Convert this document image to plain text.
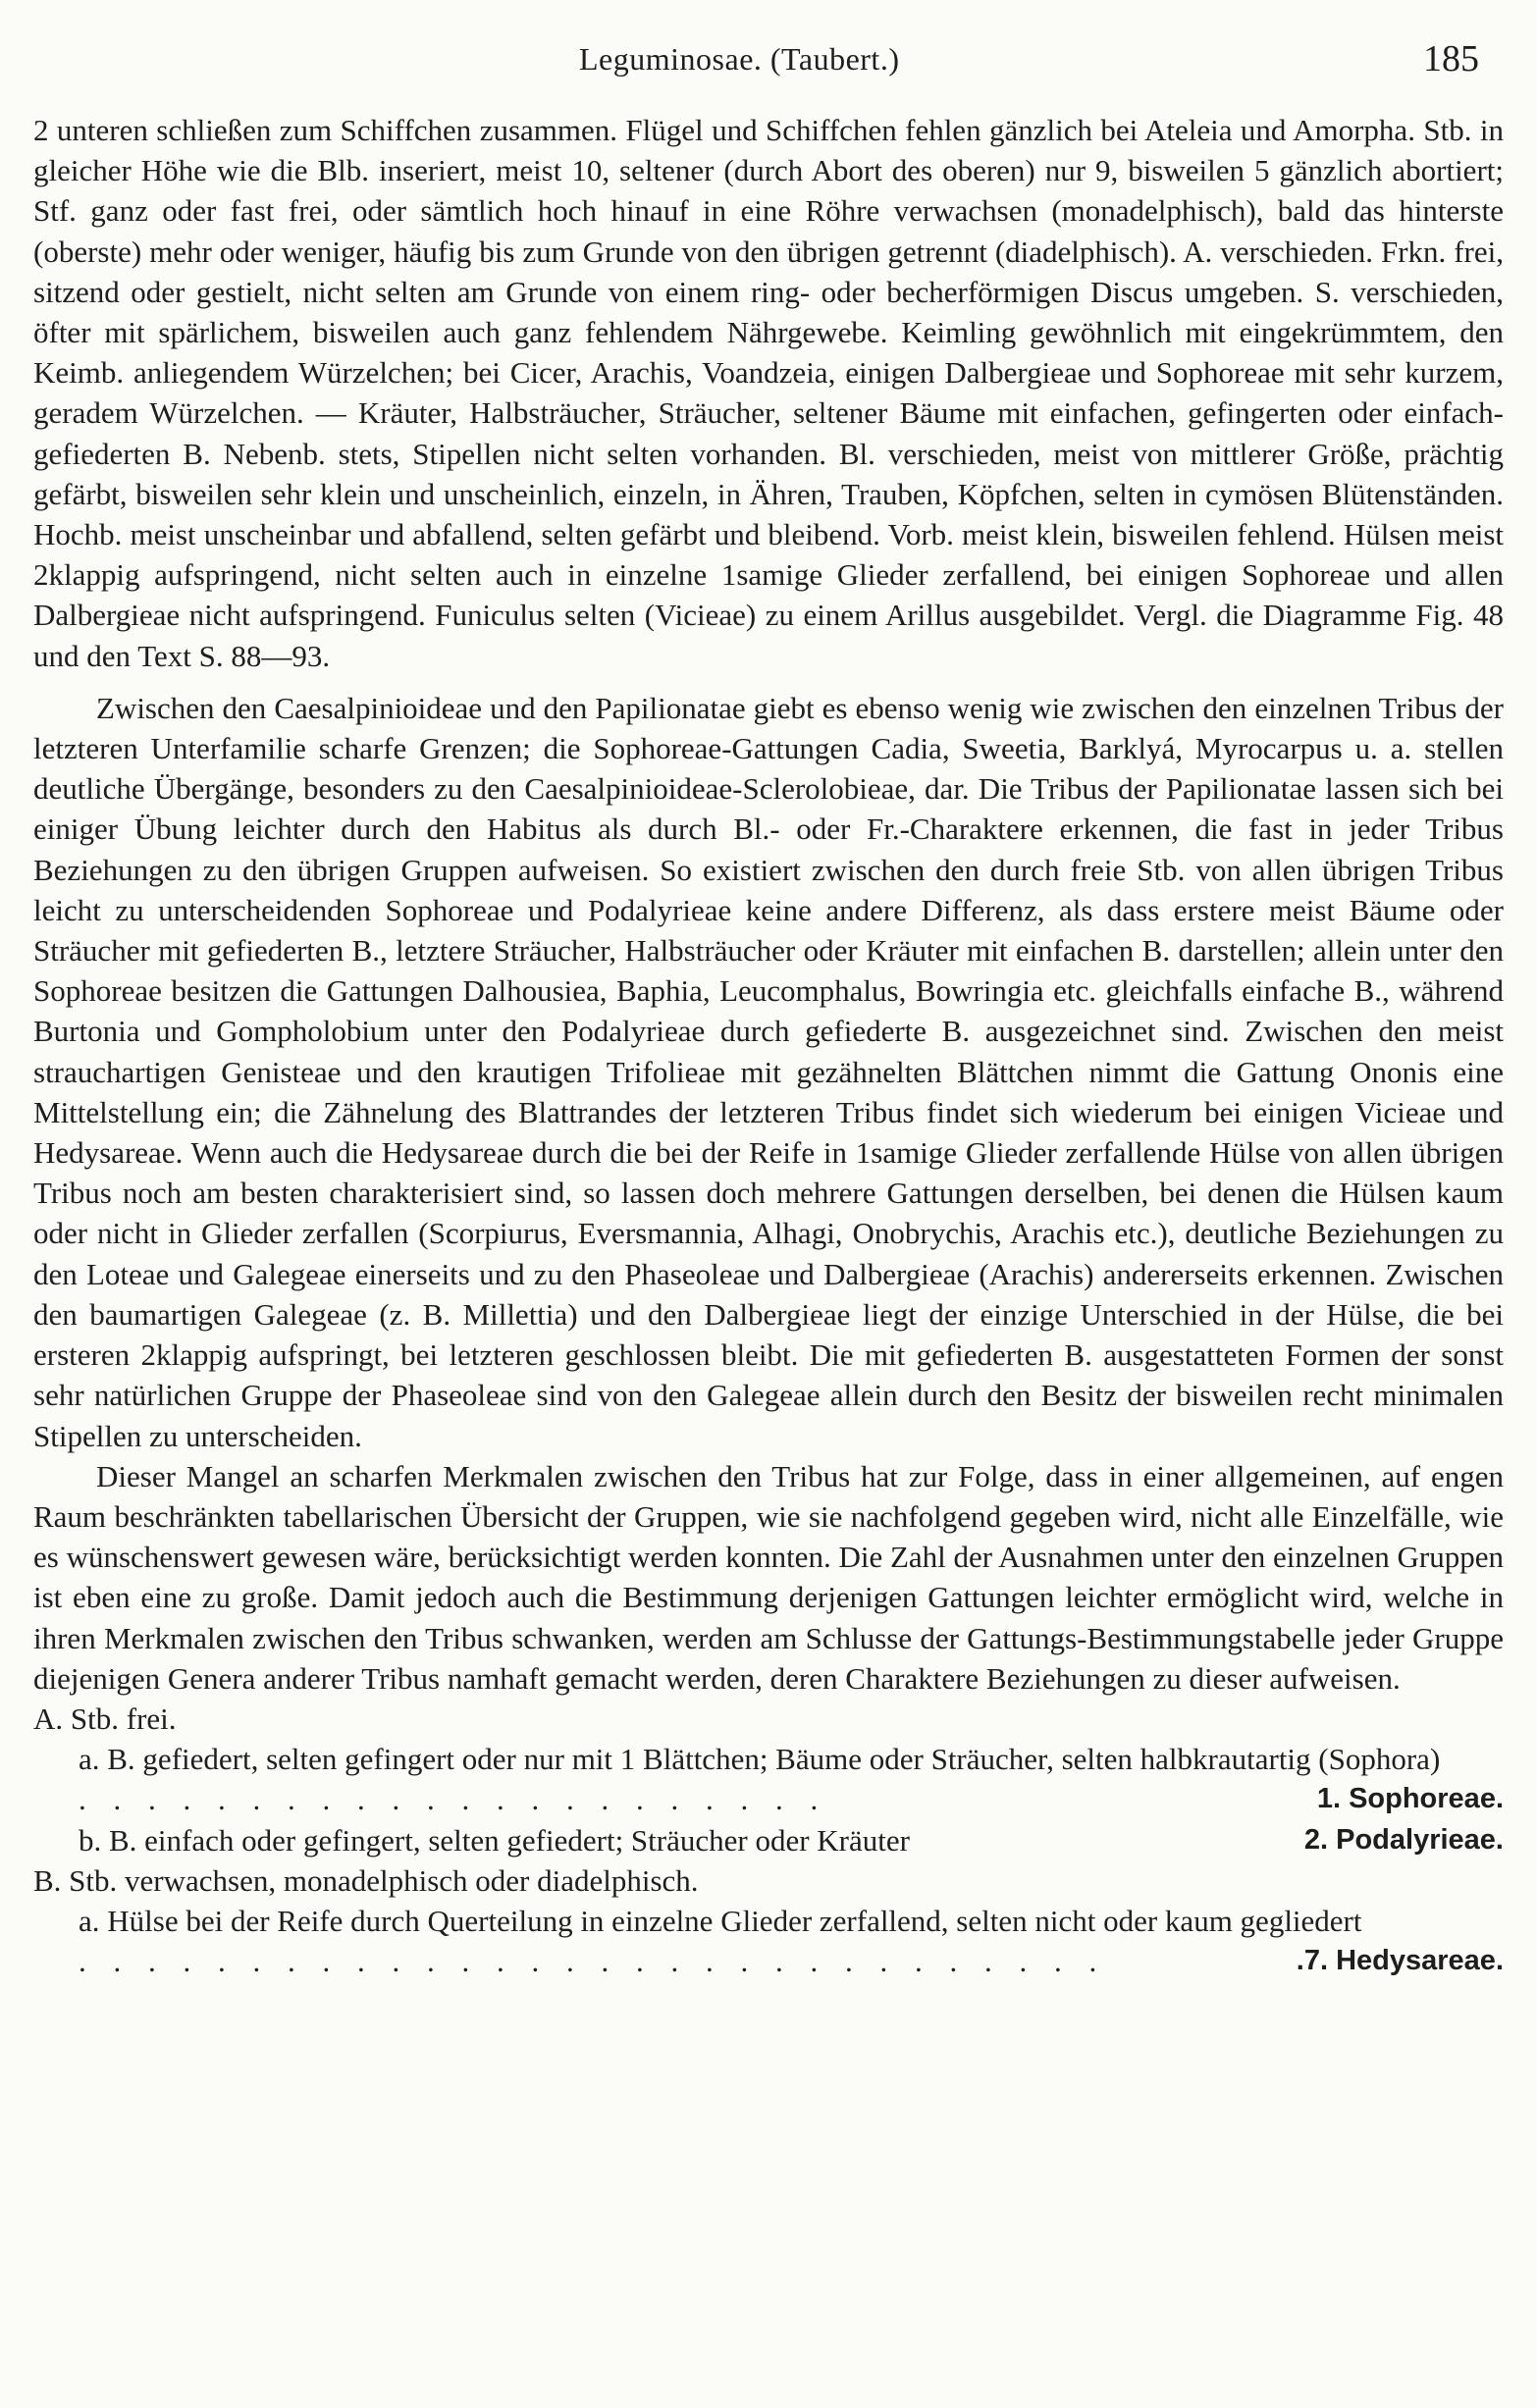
Leguminosae. (Taubert.)	185

2 unteren schließen zum Schiffchen zusammen. Flügel und Schiffchen fehlen gänzlich bei Ateleia und Amorpha. Stb. in gleicher Höhe wie die Blb. inseriert, meist 10, seltener (durch Abort des oberen) nur 9, bisweilen 5 gänzlich abortiert; Stf. ganz oder fast frei, oder sämtlich hoch hinauf in eine Röhre verwachsen (monadelphisch), bald das hinterste (oberste) mehr oder weniger, häufig bis zum Grunde von den übrigen getrennt (diadelphisch). A. verschieden. Frkn. frei, sitzend oder gestielt, nicht selten am Grunde von einem ring- oder becherförmigen Discus umgeben. S. verschieden, öfter mit spärlichem, bisweilen auch ganz fehlendem Nährgewebe. Keimling gewöhnlich mit eingekrümmtem, den Keimb. anliegendem Würzelchen; bei Cicer, Arachis, Voandzeia, einigen Dalbergieae und Sophoreae mit sehr kurzem, geradem Würzelchen. — Kräuter, Halbsträucher, Sträucher, seltener Bäume mit einfachen, gefingerten oder einfach-gefiederten B. Nebenb. stets, Stipellen nicht selten vorhanden. Bl. verschieden, meist von mittlerer Größe, prächtig gefärbt, bisweilen sehr klein und unscheinlich, einzeln, in Ähren, Trauben, Köpfchen, selten in cymösen Blütenständen. Hochb. meist unscheinbar und abfallend, selten gefärbt und bleibend. Vorb. meist klein, bisweilen fehlend. Hülsen meist 2klappig aufspringend, nicht selten auch in einzelne 1samige Glieder zerfallend, bei einigen Sophoreae und allen Dalbergieae nicht aufspringend. Funiculus selten (Vicieae) zu einem Arillus ausgebildet. Vergl. die Diagramme Fig. 48 und den Text S. 88—93.

Zwischen den Caesalpinioideae und den Papilionatae giebt es ebenso wenig wie zwischen den einzelnen Tribus der letzteren Unterfamilie scharfe Grenzen; die Sophoreae-Gattungen Cadia, Sweetia, Barklyá, Myrocarpus u. a. stellen deutliche Übergänge, besonders zu den Caesalpinioideae-Sclerolobieae, dar. Die Tribus der Papilionatae lassen sich bei einiger Übung leichter durch den Habitus als durch Bl.- oder Fr.-Charaktere erkennen, die fast in jeder Tribus Beziehungen zu den übrigen Gruppen aufweisen. So existiert zwischen den durch freie Stb. von allen übrigen Tribus leicht zu unterscheidenden Sophoreae und Podalyrieae keine andere Differenz, als dass erstere meist Bäume oder Sträucher mit gefiederten B., letztere Sträucher, Halbsträucher oder Kräuter mit einfachen B. darstellen; allein unter den Sophoreae besitzen die Gattungen Dalhousiea, Baphia, Leucomphalus, Bowringia etc. gleichfalls einfache B., während Burtonia und Gompholobium unter den Podalyrieae durch gefiederte B. ausgezeichnet sind. Zwischen den meist strauchartigen Genisteae und den krautigen Trifolieae mit gezähnelten Blättchen nimmt die Gattung Ononis eine Mittelstellung ein; die Zähnelung des Blattrandes der letzteren Tribus findet sich wiederum bei einigen Vicieae und Hedysareae. Wenn auch die Hedysareae durch die bei der Reife in 1samige Glieder zerfallende Hülse von allen übrigen Tribus noch am besten charakterisiert sind, so lassen doch mehrere Gattungen derselben, bei denen die Hülsen kaum oder nicht in Glieder zerfallen (Scorpiurus, Eversmannia, Alhagi, Onobrychis, Arachis etc.), deutliche Beziehungen zu den Loteae und Galegeae einerseits und zu den Phaseoleae und Dalbergieae (Arachis) andererseits erkennen. Zwischen den baumartigen Galegeae (z. B. Millettia) und den Dalbergieae liegt der einzige Unterschied in der Hülse, die bei ersteren 2klappig aufspringt, bei letzteren geschlossen bleibt. Die mit gefiederten B. ausgestatteten Formen der sonst sehr natürlichen Gruppe der Phaseoleae sind von den Galegeae allein durch den Besitz der bisweilen recht minimalen Stipellen zu unterscheiden.

Dieser Mangel an scharfen Merkmalen zwischen den Tribus hat zur Folge, dass in einer allgemeinen, auf engen Raum beschränkten tabellarischen Übersicht der Gruppen, wie sie nachfolgend gegeben wird, nicht alle Einzelfälle, wie es wünschenswert gewesen wäre, berücksichtigt werden konnten. Die Zahl der Ausnahmen unter den einzelnen Gruppen ist eben eine zu große. Damit jedoch auch die Bestimmung derjenigen Gattungen leichter ermöglicht wird, welche in ihren Merkmalen zwischen den Tribus schwanken, werden am Schlusse der Gattungs-Bestimmungstabelle jeder Gruppe diejenigen Genera anderer Tribus namhaft gemacht werden, deren Charaktere Beziehungen zu dieser aufweisen.

A. Stb. frei.
a. B. gefiedert, selten gefingert oder nur mit 1 Blättchen; Bäume oder Sträucher, selten halbkrautartig (Sophora)
. . . . . . . . . . . . . . . . . . . . . .	1. Sophoreae.
b. B. einfach oder gefingert, selten gefiedert; Sträucher oder Kräuter	2. Podalyrieae.
B. Stb. verwachsen, monadelphisch oder diadelphisch.
a. Hülse bei der Reife durch Querteilung in einzelne Glieder zerfallend, selten nicht oder kaum gegliedert
. . . . . . . . . . . . . . . . . . . . . . . . . . . . . .	.7. Hedysareae.
